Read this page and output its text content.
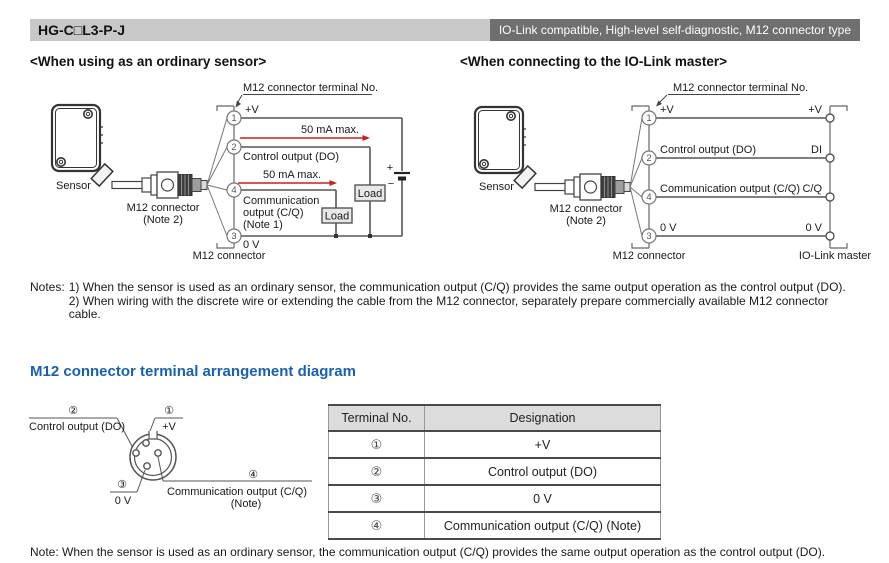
HG-C□L3-P-J	IO-Link compatible, High-level self-diagnostic, M12 connector type
<When using as an ordinary sensor>	<When connecting to the IO-Link master>
Sensor
M12 connector
(Note 2)
M12 connector terminal No.
+
−
50 mA max.
50 mA max.
Load
Load
+V
Control output (DO)
Communication
output (C/Q)
(Note 1)
0 V
1
2
4
3
M12 connector
Sensor
M12 connector
(Note 2)
M12 connector terminal No.
+V
Control output (DO)
Communication output (C/Q)
0 V
+V
DI
C/Q
0 V
1
2
4
3
M12 connector	IO-Link master
Notes: 1) When the sensor is used as an ordinary sensor, the communication output (C/Q) provides the same output operation as the control output (DO).
2) When wiring with the discrete wire or extending the cable from the M12 connector, separately prepare commercially available M12 connector cable.
M12 connector terminal arrangement diagram
②
Control output (DO)
①
+V
③
0 V
④
Communication output (C/Q)
(Note)
Terminal No.	Designation
①	+V
②	Control output (DO)
③	0 V
④	Communication output (C/Q) (Note)
Note: When the sensor is used as an ordinary sensor, the communication output (C/Q) provides the same output operation as the control output (DO).
